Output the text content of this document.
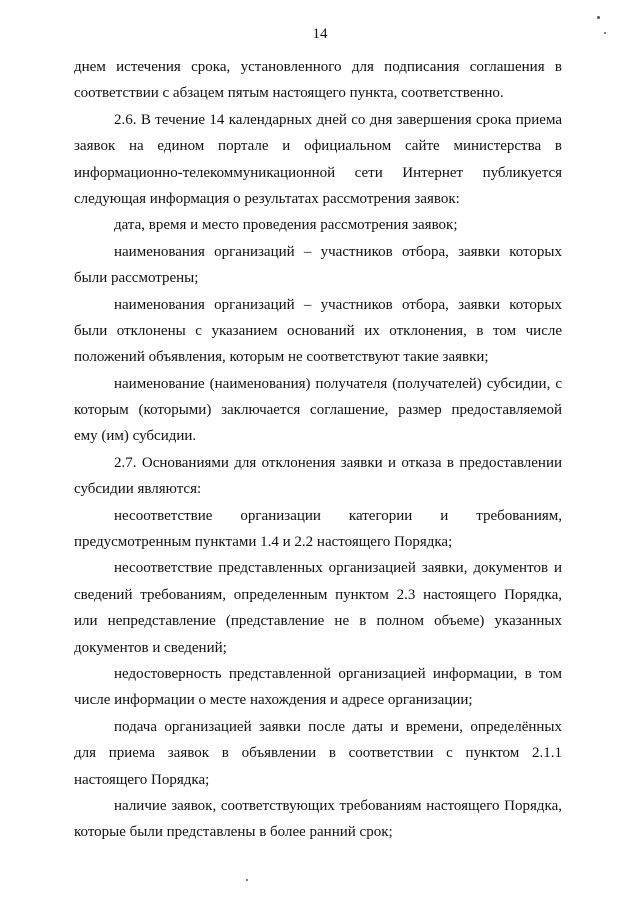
14
днем истечения срока, установленного для подписания соглашения в
соответствии с абзацем пятым настоящего пункта, соответственно.
2.6. В течение 14 календарных дней со дня завершения срока приема
заявок на едином портале и официальном сайте министерства в
информационно-телекоммуникационной сети Интернет публикуется
следующая информация о результатах рассмотрения заявок:
дата, время и место проведения рассмотрения заявок;
наименования организаций – участников отбора, заявки которых
были рассмотрены;
наименования организаций – участников отбора, заявки которых
были отклонены с указанием оснований их отклонения, в том числе
положений объявления, которым не соответствуют такие заявки;
наименование (наименования) получателя (получателей) субсидии, с
которым (которыми) заключается соглашение, размер предоставляемой
ему (им) субсидии.
2.7. Основаниями для отклонения заявки и отказа в предоставлении
субсидии являются:
несоответствие организации категории и требованиям,
предусмотренным пунктами 1.4 и 2.2 настоящего Порядка;
несоответствие представленных организацией заявки, документов и
сведений требованиям, определенным пунктом 2.3 настоящего Порядка,
или непредставление (представление не в полном объеме) указанных
документов и сведений;
недостоверность представленной организацией информации, в том
числе информации о месте нахождения и адресе организации;
подача организацией заявки после даты и времени, определённых
для приема заявок в объявлении в соответствии с пунктом 2.1.1
настоящего Порядка;
наличие заявок, соответствующих требованиям настоящего Порядка,
которые были представлены в более ранний срок;
